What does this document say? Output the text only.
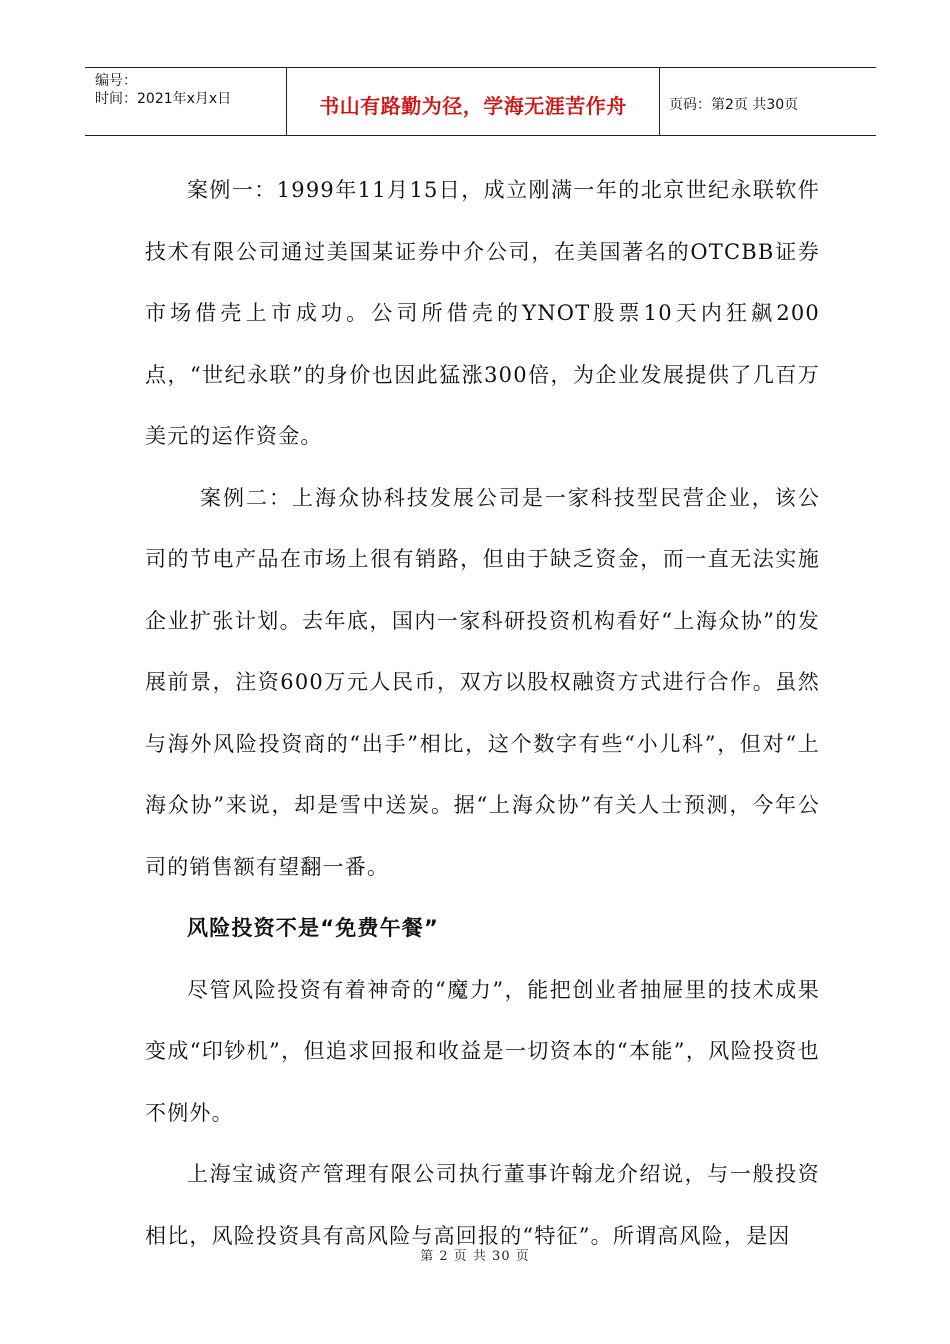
编号：
时间：2021年x月x日	书山有路勤为径，学海无涯苦作舟	页码：第2页 共30页

案例一：1999年11月15日，成立刚满一年的北京世纪永联软件技术有限公司通过美国某证券中介公司，在美国著名的OTCBB证券市场借壳上市成功。公司所借壳的YNOT股票10天内狂飙200点，“世纪永联”的身价也因此猛涨300倍，为企业发展提供了几百万美元的运作资金。

案例二：上海众协科技发展公司是一家科技型民营企业，该公司的节电产品在市场上很有销路，但由于缺乏资金，而一直无法实施企业扩张计划。去年底，国内一家科研投资机构看好“上海众协”的发展前景，注资600万元人民币，双方以股权融资方式进行合作。虽然与海外风险投资商的“出手”相比，这个数字有些“小儿科”，但对“上海众协”来说，却是雪中送炭。据“上海众协”有关人士预测，今年公司的销售额有望翻一番。

风险投资不是“免费午餐”

尽管风险投资有着神奇的“魔力”，能把创业者抽屉里的技术成果变成“印钞机”，但追求回报和收益是一切资本的“本能”，风险投资也不例外。

上海宝诚资产管理有限公司执行董事许翰龙介绍说，与一般投资相比，风险投资具有高风险与高回报的“特征”。所谓高风险，是因

第 2 页 共 30 页
